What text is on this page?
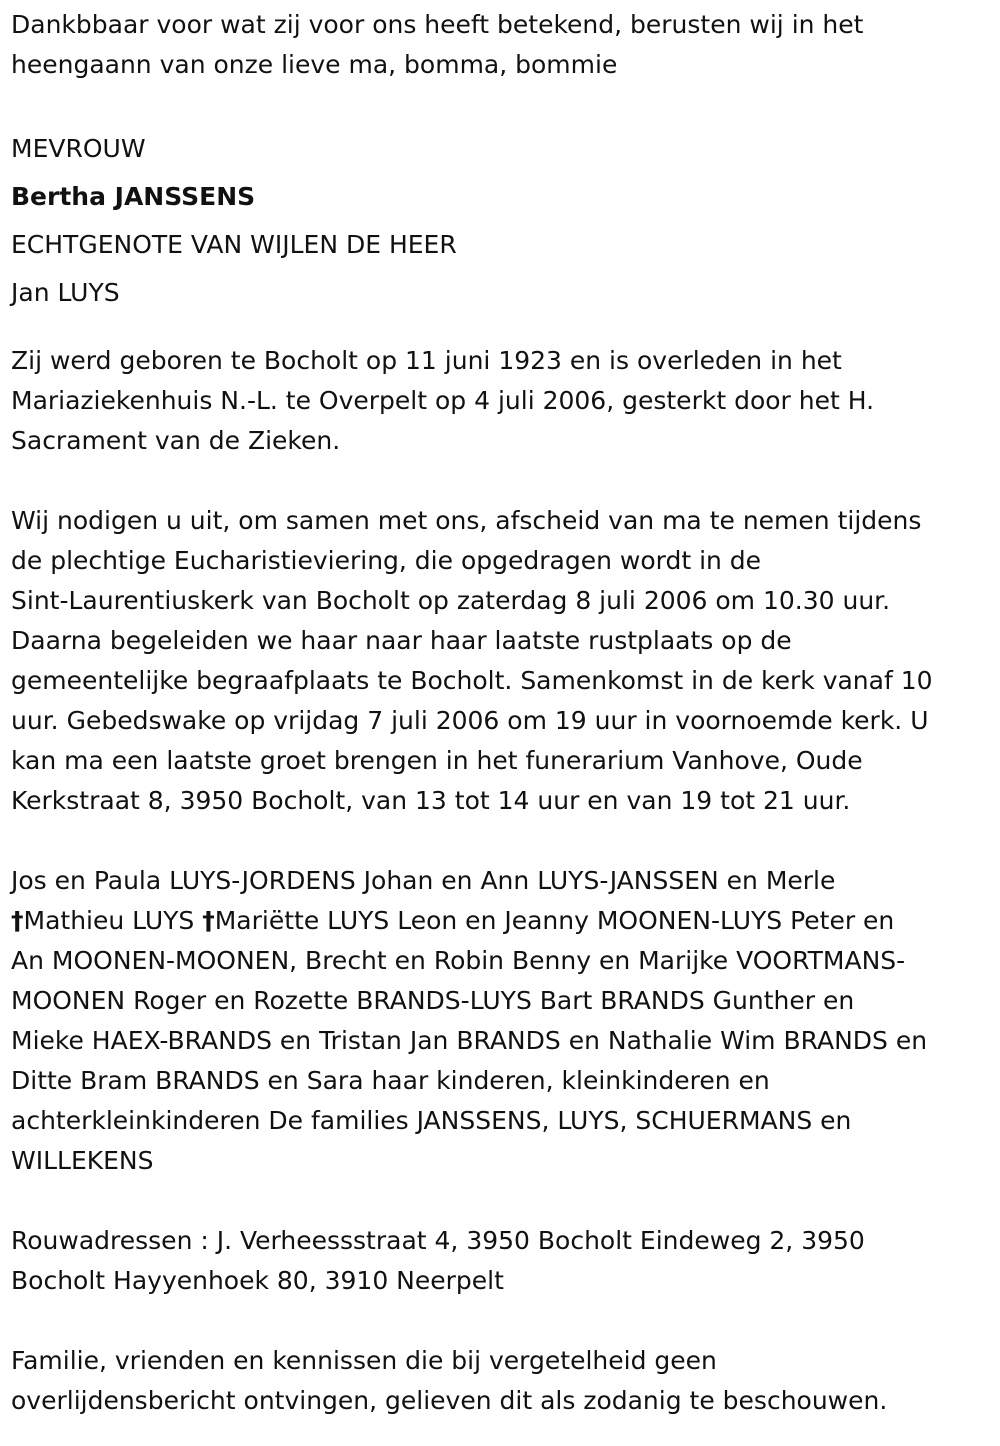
Dankbbaar voor wat zij voor ons heeft betekend, berusten wij in het
heengaann van onze lieve ma, bomma, bommie

MEVROUW
Bertha JANSSENS
ECHTGENOTE VAN WIJLEN DE HEER
Jan LUYS

Zij werd geboren te Bocholt op 11 juni 1923 en is overleden in het
Mariaziekenhuis N.-L. te Overpelt op 4 juli 2006, gesterkt door het H.
Sacrament van de Zieken.

Wij nodigen u uit, om samen met ons, afscheid van ma te nemen tijdens
de plechtige Eucharistieviering, die opgedragen wordt in de
Sint-Laurentiuskerk van Bocholt op zaterdag 8 juli 2006 om 10.30 uur.
Daarna begeleiden we haar naar haar laatste rustplaats op de
gemeentelijke begraafplaats te Bocholt. Samenkomst in de kerk vanaf 10
uur. Gebedswake op vrijdag 7 juli 2006 om 19 uur in voornoemde kerk. U
kan ma een laatste groet brengen in het funerarium Vanhove, Oude
Kerkstraat 8, 3950 Bocholt, van 13 tot 14 uur en van 19 tot 21 uur.

Jos en Paula LUYS-JORDENS Johan en Ann LUYS-JANSSEN en Merle
†Mathieu LUYS †Mariëtte LUYS Leon en Jeanny MOONEN-LUYS Peter en
An MOONEN-MOONEN, Brecht en Robin Benny en Marijke VOORTMANS-
MOONEN Roger en Rozette BRANDS-LUYS Bart BRANDS Gunther en
Mieke HAEX-BRANDS en Tristan Jan BRANDS en Nathalie Wim BRANDS en
Ditte Bram BRANDS en Sara haar kinderen, kleinkinderen en
achterkleinkinderen De families JANSSENS, LUYS, SCHUERMANS en
WILLEKENS

Rouwadressen : J. Verheessstraat 4, 3950 Bocholt Eindeweg 2, 3950
Bocholt Hayyenhoek 80, 3910 Neerpelt

Familie, vrienden en kennissen die bij vergetelheid geen
overlijdensbericht ontvingen, gelieven dit als zodanig te beschouwen.
